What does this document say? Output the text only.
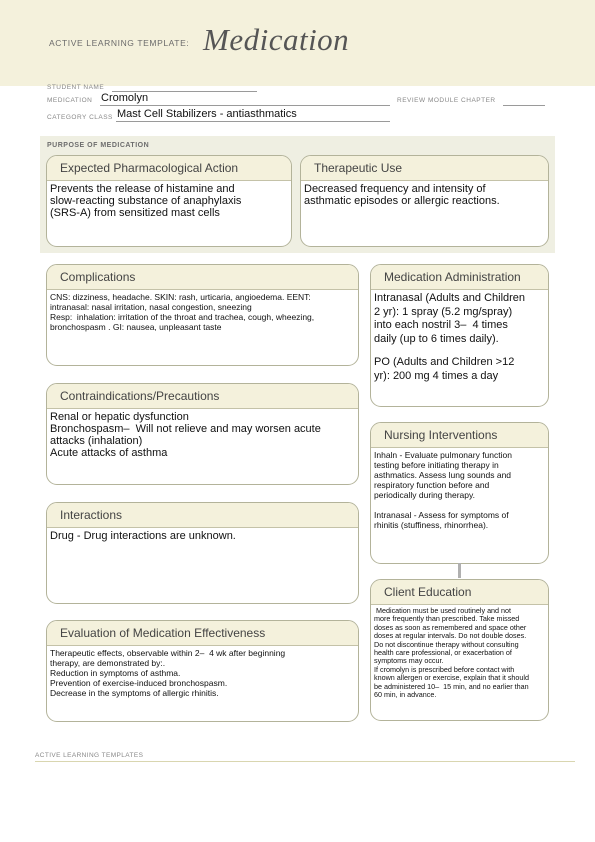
ACTIVE LEARNING TEMPLATE: Medication
STUDENT NAME
MEDICATION Cromolyn	REVIEW MODULE CHAPTER
CATEGORY CLASS Mast Cell Stabilizers - antiasthmatics
PURPOSE OF MEDICATION
Expected Pharmacological Action
Prevents the release of histamine and
slow-reacting substance of anaphylaxis
(SRS-A) from sensitized mast cells
Therapeutic Use
Decreased frequency and intensity of
asthmatic episodes or allergic reactions.
Complications
CNS: dizziness, headache. SKIN: rash, urticaria, angioedema. EENT:
intranasal: nasal irritation, nasal congestion, sneezing
Resp:  inhalation: irritation of the throat and trachea, cough, wheezing,
bronchospasm . GI: nausea, unpleasant taste
Medication Administration
Intranasal (Adults and Children
2 yr): 1 spray (5.2 mg/spray)
into each nostril 3–  4 times
daily (up to 6 times daily).
PO (Adults and Children >12
yr): 200 mg 4 times a day
Contraindications/Precautions
Renal or hepatic dysfunction
Bronchospasm–  Will not relieve and may worsen acute
attacks (inhalation)
Acute attacks of asthma
Nursing Interventions
Inhaln - Evaluate pulmonary function
testing before initiating therapy in
asthmatics. Assess lung sounds and
respiratory function before and
periodically during therapy.
Intranasal - Assess for symptoms of
rhinitis (stuffiness, rhinorrhea).
Interactions
Drug - Drug interactions are unknown.
Client Education
Medication must be used routinely and not
more frequently than prescribed. Take missed
doses as soon as remembered and space other
doses at regular intervals. Do not double doses.
Do not discontinue therapy without consulting
health care professional, or exacerbation of
symptoms may occur.
If cromolyn is prescribed before contact with
known allergen or exercise, explain that it should
be administered 10–  15 min, and no earlier than
60 min, in advance.
Evaluation of Medication Effectiveness
Therapeutic effects, observable within 2–  4 wk after beginning
therapy, are demonstrated by:.
Reduction in symptoms of asthma.
Prevention of exercise-induced bronchospasm.
Decrease in the symptoms of allergic rhinitis.
ACTIVE LEARNING TEMPLATES
